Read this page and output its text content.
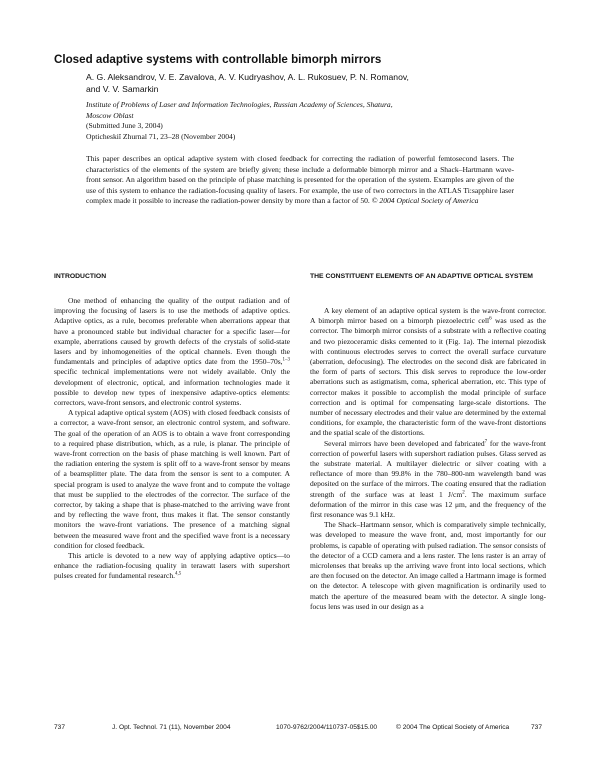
Closed adaptive systems with controllable bimorph mirrors
A. G. Aleksandrov, V. E. Zavalova, A. V. Kudryashov, A. L. Rukosuev, P. N. Romanov,
and V. V. Samarkin
Institute of Problems of Laser and Information Technologies, Russian Academy of Sciences, Shatura,
Moscow Oblast
(Submitted June 3, 2004)
Opticheskiĭ Zhurnal 71, 23–28 (November 2004)
This paper describes an optical adaptive system with closed feedback for correcting the radiation of powerful femtosecond lasers. The characteristics of the elements of the system are briefly given; these include a deformable bimorph mirror and a Shack–Hartmann wave-front sensor. An algorithm based on the principle of phase matching is presented for the operation of the system. Examples are given of the use of this system to enhance the radiation-focusing quality of lasers. For example, the use of two correctors in the ATLAS Ti:sapphire laser complex made it possible to increase the radiation-power density by more than a factor of 50. © 2004 Optical Society of America
INTRODUCTION

One method of enhancing the quality of the output radiation and of improving the focusing of lasers is to use the methods of adaptive optics. Adaptive optics, as a rule, becomes preferable when aberrations appear that have a pronounced stable but individual character for a specific laser—for example, aberrations caused by growth defects of the crystals of solid-state lasers and by inhomogeneities of the optical channels. Even though the fundamentals and principles of adaptive optics date from the 1950–70s,$^{1-3}$ specific technical implementations were not widely available. Only the development of electronic, optical, and information technologies made it possible to develop new types of inexpensive adaptive-optics elements: correctors, wave-front sensors, and electronic control systems.

A typical adaptive optical system (AOS) with closed feedback consists of a corrector, a wave-front sensor, an electronic control system, and software. The goal of the operation of an AOS is to obtain a wave front corresponding to a required phase distribution, which, as a rule, is planar. The principle of wave-front correction on the basis of phase matching is well known. Part of the radiation entering the system is split off to a wave-front sensor by means of a beamsplitter plate. The data from the sensor is sent to a computer. A special program is used to analyze the wave front and to compute the voltage that must be supplied to the electrodes of the corrector. The surface of the corrector, by taking a shape that is phase-matched to the arriving wave front and by reflecting the wave front, thus makes it flat. The sensor constantly monitors the wave-front variations. The presence of a matching signal between the measured wave front and the specified wave front is a necessary condition for closed feedback.

This article is devoted to a new way of applying adaptive optics—to enhance the radiation-focusing quality in terawatt lasers with supershort pulses created for fundamental research.$^{4,5}$

THE CONSTITUENT ELEMENTS OF AN ADAPTIVE OPTICAL SYSTEM

A key element of an adaptive optical system is the wave-front corrector. A bimorph mirror based on a bimorph piezoelectric cell$^6$ was used as the corrector. The bimorph mirror consists of a substrate with a reflective coating and two piezoceramic disks cemented to it (Fig. 1a). The internal piezodisk with continuous electrodes serves to correct the overall surface curvature (aberration, defocusing). The electrodes on the second disk are fabricated in the form of parts of sectors. This disk serves to reproduce the low-order aberrations such as astigmatism, coma, spherical aberration, etc. This type of corrector makes it possible to accomplish the modal principle of surface correction and is optimal for compensating large-scale distortions. The number of necessary electrodes and their value are determined by the external conditions, for example, the characteristic form of the wave-front distortions and the spatial scale of the distortions.

Several mirrors have been developed and fabricated$^7$ for the wave-front correction of powerful lasers with supershort radiation pulses. Glass served as the substrate material. A multilayer dielectric or silver coating with a reflectance of more than 99.8% in the 780–800-nm wavelength band was deposited on the surface of the mirrors. The coating ensured that the radiation strength of the surface was at least 1 $J/cm^2$. The maximum surface deformation of the mirror in this case was 12 μm, and the frequency of the first resonance was 9.1 kHz.

The Shack–Hartmann sensor, which is comparatively simple technically, was developed to measure the wave front, and, most importantly for our problems, is capable of operating with pulsed radiation. The sensor consists of the detector of a CCD camera and a lens raster. The lens raster is an array of microlenses that breaks up the arriving wave front into local sections, which are then focused on the detector. An image called a Hartmann image is formed on the detector. A telescope with given magnification is ordinarily used to match the aperture of the measured beam with the detector. A single long-focus lens was used in our design as a

737	J. Opt. Technol. 71 (11), November 2004	1070-9762/2004/110737-05$15.00	© 2004 The Optical Society of America	737
